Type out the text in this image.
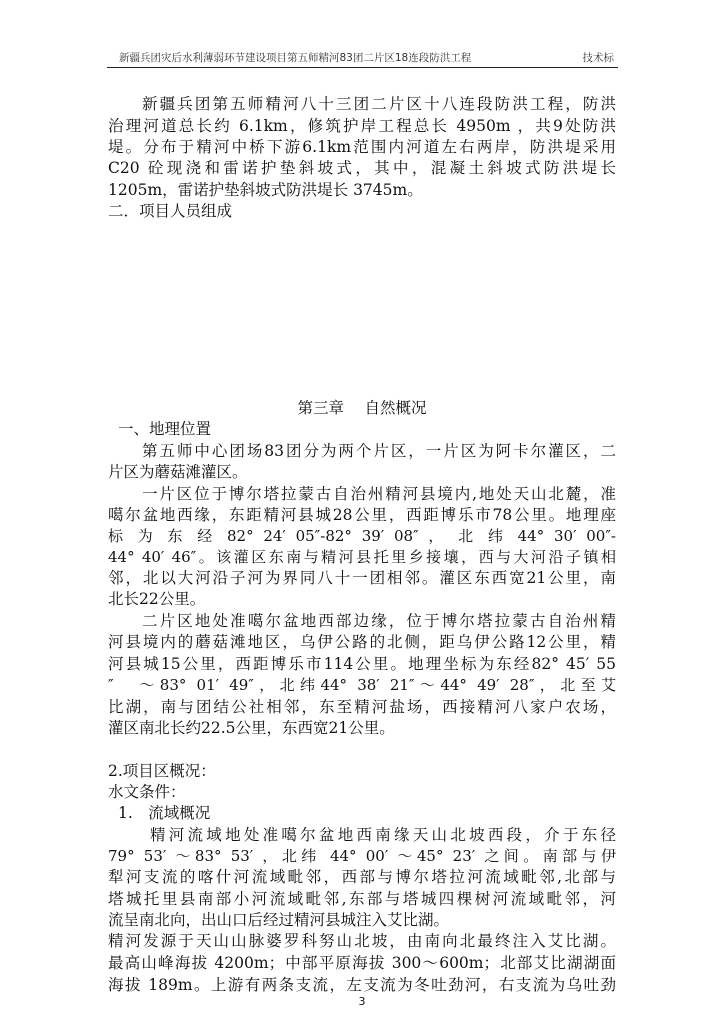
新疆兵团灾后水利薄弱环节建设项目第五师精河83团二片区18连段防洪工程	技术标
新疆兵团第五师精河八十三团二片区十八连段防洪工程，防洪
治理河道总长约 6.1km，修筑护岸工程总长 4950m ，共9处防洪
堤。分布于精河中桥下游6.1km范围内河道左右两岸，防洪堤采用
C20 砼现浇和雷诺护垫斜坡式，其中，混凝土斜坡式防洪堤长
1205m，雷诺护垫斜坡式防洪堤长 3745m。
二．项目人员组成
第三章　 自然概况
一、地理位置
第五师中心团场83团分为两个片区，一片区为阿卡尔灌区，二
片区为蘑菇滩灌区。
一片区位于博尔塔拉蒙古自治州精河县境内,地处天山北麓，准
噶尔盆地西缘，东距精河县城28公里，西距博乐市78公里。地理座
标 为 东 经 82° 24′ 05″-82° 39′ 08″ ， 北 纬 44° 30′ 00″-
44° 40′ 46″。该灌区东南与精河县托里乡接壤，西与大河沿子镇相
邻，北以大河沿子河为界同八十一团相邻。灌区东西宽21公里，南
北长22公里。
二片区地处准噶尔盆地西部边缘，位于博尔塔拉蒙古自治州精
河县境内的蘑菇滩地区，乌伊公路的北侧，距乌伊公路12公里，精
河县城15公里，西距博乐市114公里。地理坐标为东经82° 45′ 55
″　～83° 01′ 49″，北纬44° 38′ 21″～44° 49′ 28″，北至艾
比湖，南与团结公社相邻，东至精河盐场，西接精河八家户农场，
灌区南北长约22.5公里，东西宽21公里。
2.项目区概况：
水文条件：
1.　流域概况
精河流域地处准噶尔盆地西南缘天山北坡西段，介于东径
79° 53′ ～83° 53′ ，北纬 44° 00′ ～45° 23′ 之间。南部与伊
犁河支流的喀什河流域毗邻，西部与博尔塔拉河流域毗邻,北部与
塔城托里县南部小河流域毗邻,东部与塔城四棵树河流域毗邻，河
流呈南北向，出山口后经过精河县城注入艾比湖。
精河发源于天山山脉婆罗科努山北坡，由南向北最终注入艾比湖。
最高山峰海拔 4200m；中部平原海拔 300～600m；北部艾比湖湖面
海拔 189m。上游有两条支流，左支流为冬吐劲河，右支流为乌吐劲
3
